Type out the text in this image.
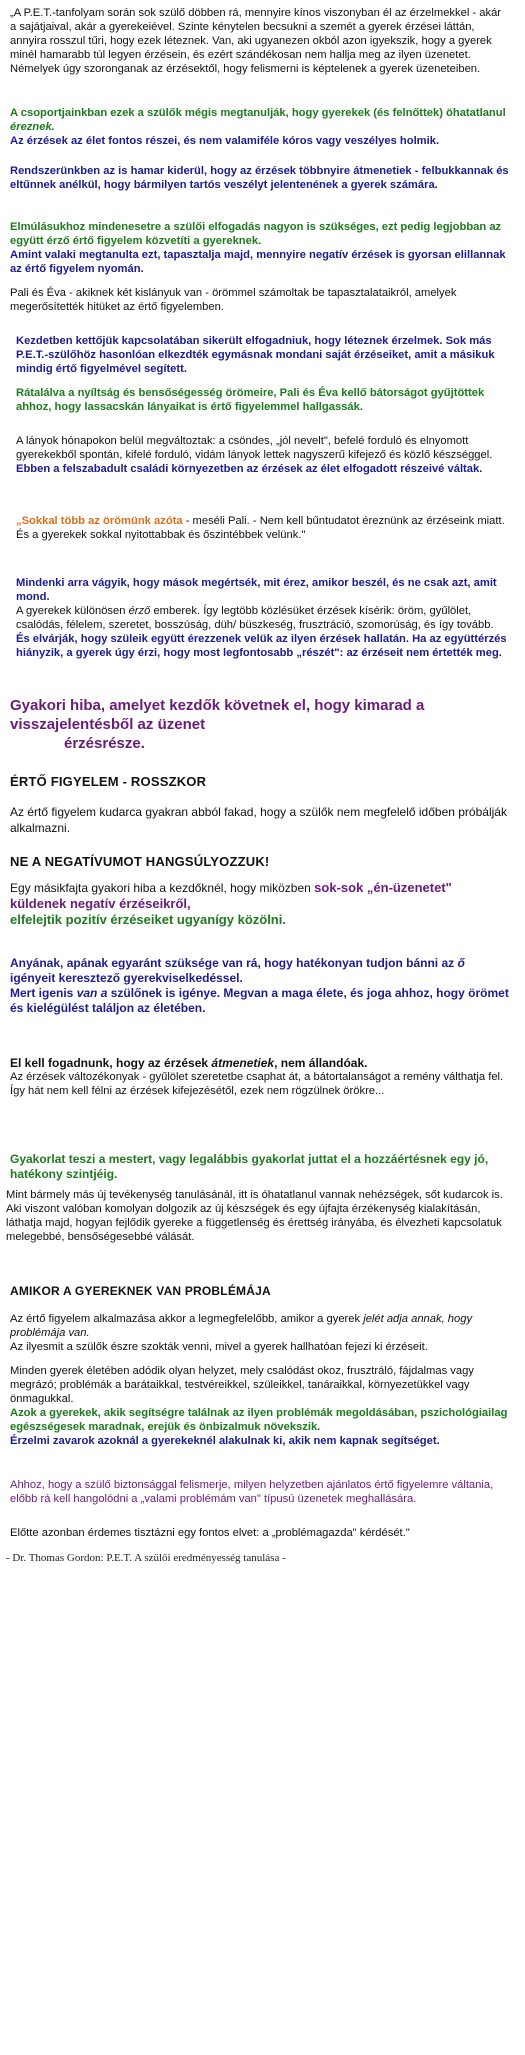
„A P.E.T.-tanfolyam során sok szülő döbben rá, mennyire kínos viszonyban él az érzelmekkel - akár a sajátjaival, akár a gyerekeiével. Szinte kénytelen becsukni a szemét a gyerek érzései láttán, annyira rosszul tűri, hogy ezek léteznek. Van, aki ugyanezen okból azon igyekszik, hogy a gyerek minél hamarabb túl legyen érzésein, és ezért szándékosan nem hallja meg az ilyen üzenetet.

Némelyek úgy szoronganak az érzésektől, hogy felismerni is képtelenek a gyerek üzeneteiben.

A csoportjainkban ezek a szülők mégis megtanulják, hogy gyerekek (és felnőttek) öhatatlanul éreznek.

Az érzések az élet fontos részei, és nem valamiféle kóros vagy veszélyes holmik.

Rendszerünkben az is hamar kiderül, hogy az érzések többnyire átmenetiek - felbukkannak és eltűnnek anélkül, hogy bármilyen tartós veszélyt jelentenének a gyerek számára.

Elmúlásukhoz mindenesetre a szülői elfogadás nagyon is szükséges, ezt pedig legjobban az együtt érző értő figyelem közvetíti a gyereknek.

Amint valaki megtanulta ezt, tapasztalja majd, mennyire negatív érzések is gyorsan elillannak az értő figyelem nyomán.

Pali és Éva - akiknek két kislányuk van - örömmel számoltak be tapasztalataikról, amelyek megerősítették hitüket az értő figyelemben.
Kezdetben kettőjük kapcsolatában sikerült elfogadniuk, hogy léteznek érzelmek. Sok más P.E.T.-szülőhöz hasonlóan elkezdték egymásnak mondani saját érzéseiket, amit a másikuk mindig értő figyelmével segített.
Rátalálva a nyíltság és bensőségesség örömeire, Pali és Éva kellő bátorságot gyűjtöttek ahhoz, hogy lassacskán lányaikat is értő figyelemmel hallgassák.

A lányok hónapokon belül megváltoztak: a csöndes, „jól nevelt", befelé forduló és elnyomott gyerekekből spontán, kifelé forduló, vidám lányok lettek nagyszerű kifejező és közlő készséggel.

Ebben a felszabadult családi környezetben az érzések az élet elfogadott részeivé váltak.

„Sokkal több az örömünk azóta - meséli Pali. - Nem kell bűntudatot éreznünk az érzéseink miatt. És a gyerekek sokkal nyitottabbak és őszintébbek velünk."

Mindenki arra vágyik, hogy mások megértsék, mit érez, amikor beszél, és ne csak azt, amit mond.

A gyerekek különösen érző emberek. Így legtöbb közlésüket érzések kísérik: öröm, gyűlölet, csalódás, félelem, szeretet, bosszúság, düh/ büszkeség, frusztráció, szomorúság, és így tovább.

És elvárják, hogy szüleik együtt érezzenek velük az ilyen érzések hallatán. Ha az együttérzés hiányzik, a gyerek úgy érzi, hogy most legfontosabb „részét": az érzéseit nem értették meg.

Gyakori hiba, amelyet kezdők követnek el, hogy kimarad a visszajelentésből az üzenet

érzésrésze.

ÉRTŐ FIGYELEM - ROSSZKOR
Az értő figyelem kudarca gyakran abból fakad, hogy a szülők nem megfelelő időben próbálják alkalmazni.
NE A NEGATÍVUMOT HANGSÚLYOZZUK!

Egy másikfajta gyakori hiba a kezdőknél, hogy miközben sok-sok „én-üzenetet" küldenek negatív érzéseikről,
elfelejtik pozitív érzéseiket ugyanígy közölni.

Anyának, apának egyaránt szüksége van rá, hogy hatékonyan tudjon bánni az ő igényeit keresztező gyerekviselkedéssel.
Mert igenis van a szülőnek is igénye. Megvan a maga élete, és joga ahhoz, hogy örömet és kielégülést találjon az életében.

El kell fogadnunk, hogy az érzések átmenetiek, nem állandóak.

Az érzések változékonyak - gyűlölet szeretetbe csaphat át, a bátortalanságot a remény válthatja fel.

Így hát nem kell félni az érzések kifejezésétől, ezek nem rögzülnek örökre...

Gyakorlat teszi a mestert, vagy legalábbis gyakorlat juttat el a hozzáértésnek egy jó, hatékony szintjéig.

Mint bármely más új tevékenység tanulásánál, itt is óhatatlanul vannak nehézségek, sőt kudarcok is.

Aki viszont valóban komolyan dolgozik az új készségek és egy újfajta érzékenység kialakításán, láthatja majd, hogyan fejlődik gyereke a függetlenség és érettség irányába, és élvezheti kapcsolatuk melegebbé, bensőségesebbé válását.

AMIKOR A GYEREKNEK VAN PROBLÉMÁJA

Az értő figyelem alkalmazása akkor a legmegfelelőbb, amikor a gyerek jelét adja annak, hogy problémája van.

Az ilyesmit a szülők észre szokták venni, mivel a gyerek hallhatóan fejezi ki érzéseit.

Minden gyerek életében adódik olyan helyzet, mely csalódást okoz, frusztráló, fájdalmas vagy megrázó; problémák a barátaikkal, testvéreikkel, szüleikkel, tanáraikkal, környezetükkel vagy önmagukkal.

Azok a gyerekek, akik segítségre találnak az ilyen problémák megoldásában, pszichológiailag egészségesek maradnak, erejük és önbizalmuk növekszik.

Érzelmi zavarok azoknál a gyerekeknél alakulnak ki, akik nem kapnak segítséget.

Ahhoz, hogy a szülő biztonsággal felismerje, milyen helyzetben ajánlatos értő figyelemre váltania, előbb rá kell hangolódni a „valami problémám van" típusú üzenetek meghallására.
Előtte azonban érdemes tisztázni egy fontos elvet: a „problémagazda" kérdését."
- Dr. Thomas Gordon: P.E.T. A szülői eredményesség tanulása -
